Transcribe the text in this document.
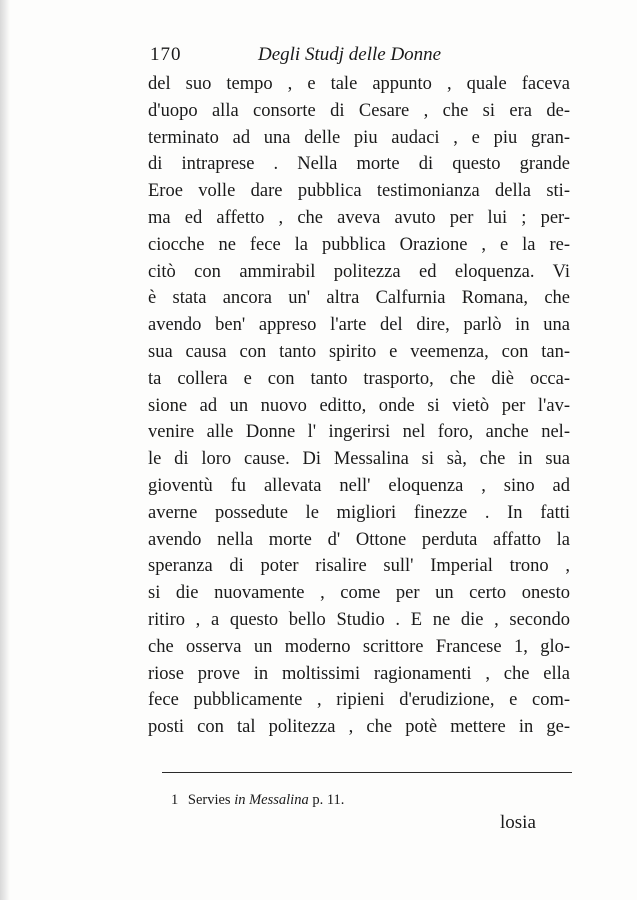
170	Degli Studj delle Donne
del suo tempo , e tale appunto , quale faceva
d'uopo alla consorte di Cesare , che si era de-
terminato ad una delle piu audaci , e piu gran-
di intraprese . Nella morte di questo grande
Eroe volle dare pubblica testimonianza della sti-
ma ed affetto , che aveva avuto per lui ; per-
ciocche ne fece la pubblica Orazione , e la re-
citò con ammirabil politezza ed eloquenza. Vi
è stata ancora un' altra Calfurnia Romana, che
avendo ben' appreso l'arte del dire, parlò in una
sua causa con tanto spirito e veemenza, con tan-
ta collera e con tanto trasporto, che diè occa-
sione ad un nuovo editto, onde si vietò per l'av-
venire alle Donne l' ingerirsi nel foro, anche nel-
le di loro cause. Di Messalina si sà, che in sua
gioventù fu allevata nell' eloquenza , sino ad
averne possedute le migliori finezze . In fatti
avendo nella morte d' Ottone perduta affatto la
speranza di poter risalire sull' Imperial trono ,
si die nuovamente , come per un certo onesto
ritiro , a questo bello Studio . E ne die , secondo
che osserva un moderno scrittore Francese 1, glo-
riose prove in moltissimi ragionamenti , che ella
fece pubblicamente , ripieni d'erudizione, e com-
posti con tal politezza , che potè mettere in ge-
1 Servies in Messalina p. 11.
losia
